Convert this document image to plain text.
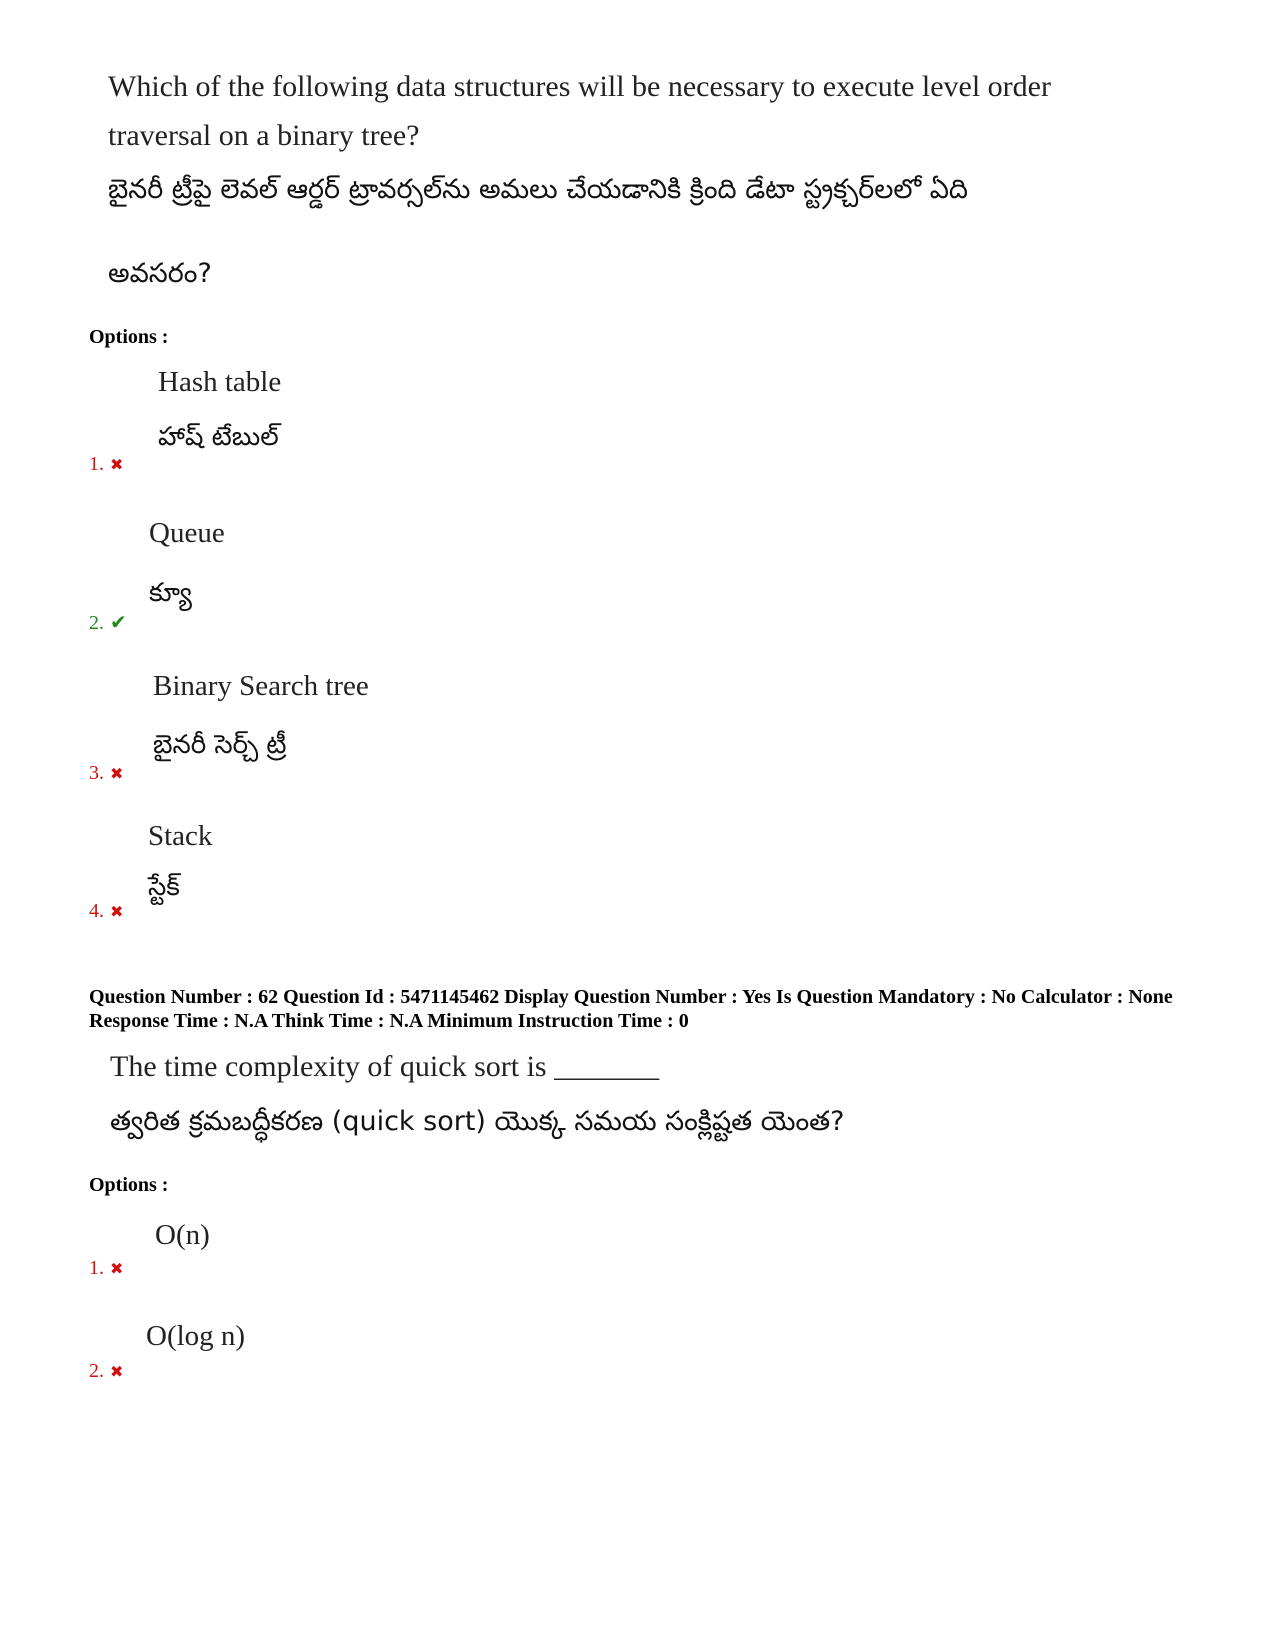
Which of the following data structures will be necessary to execute level order
traversal on a binary tree?
బైనరీ ట్రీపై లెవల్ ఆర్డర్ ట్రావర్సల్‌ను అమలు చేయడానికి క్రింది డేటా స్ట్రక్చర్‌లలో ఏది
అవసరం?
Options :
Hash table
హాష్ టేబుల్
1. ✖
Queue
క్యూ
2. ✔
Binary Search tree
బైనరీ సెర్చ్ ట్రీ
3. ✖
Stack
స్టేక్
4. ✖
Question Number : 62 Question Id : 5471145462 Display Question Number : Yes Is Question Mandatory : No Calculator : None Response Time : N.A Think Time : N.A Minimum Instruction Time : 0
The time complexity of quick sort is _______
త్వరిత క్రమబద్ధీకరణ (quick sort) యొక్క సమయ సంక్లిష్టత యెంత?
Options :
O(n)
1. ✖
O(log n)
2. ✖
